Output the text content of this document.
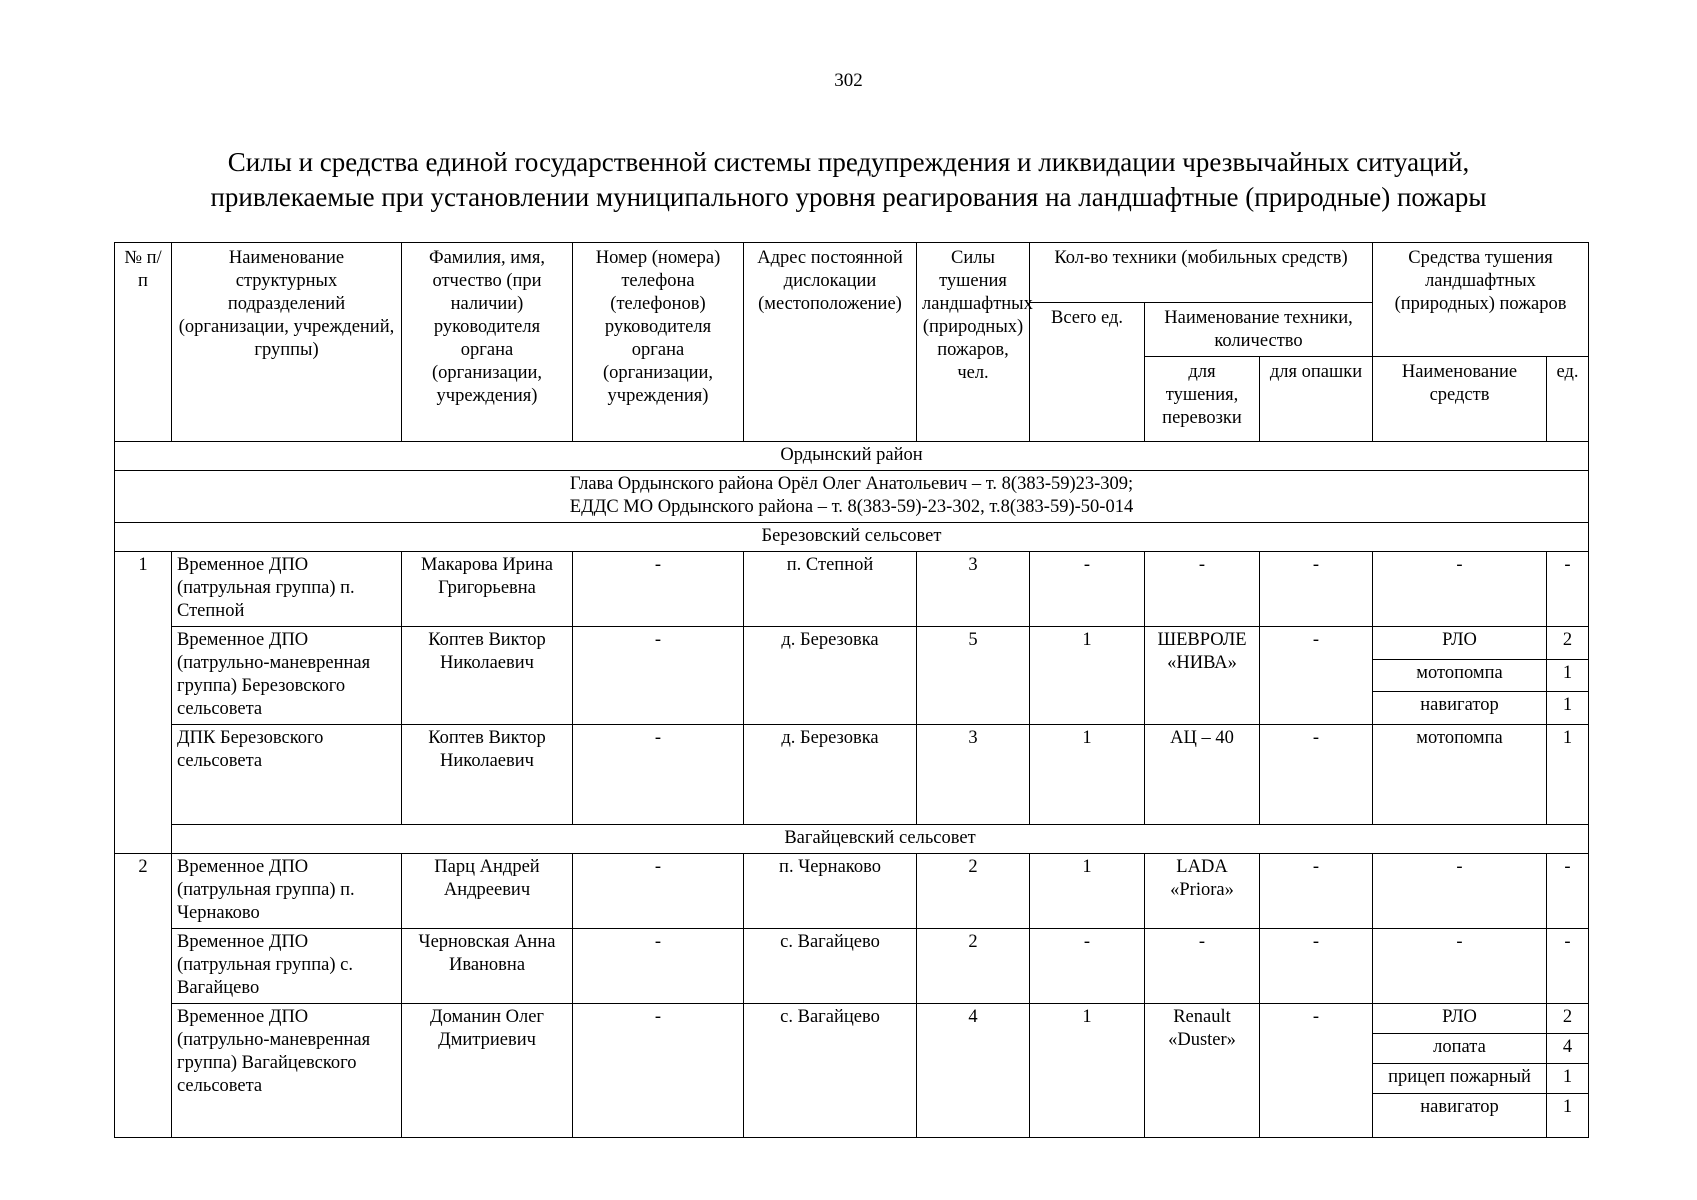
302
Силы и средства единой государственной системы предупреждения и ликвидации чрезвычайных ситуаций,
привлекаемые при установлении муниципального уровня реагирования на ландшафтные (природные) пожары
№ п/п	Наименование структурных подразделений (организации, учреждений, группы)	Фамилия, имя, отчество (при наличии) руководителя органа (организации, учреждения)	Номер (номера) телефона (телефонов) руководителя органа (организации, учреждения)	Адрес постоянной дислокации (местоположение)	Силы тушения ландшафтных (природных) пожаров, чел.	Кол-во техники (мобильных средств)			Средства тушения ландшафтных (природных) пожаров	
						Всего ед.	Наименование техники, количество			
							для тушения, перевозки	для опашки	Наименование средств	ед.
Ордынский район										

Глава Ордынского района Орёл Олег Анатольевич – т. 8(383-59)23-309;
ЕДДС МО Ордынского района – т. 8(383-59)-23-302, т.8(383-59)-50-014										

Березовский сельсовет										
1	Временное ДПО (патрульная группа) п. Степной	Макарова Ирина Григорьевна	-	п. Степной	3	-	-	-	-	-
	Временное ДПО (патрульно-маневренная группа) Березовского сельсовета	Коптев Виктор Николаевич	-	д. Березовка	5	1	ШЕВРОЛЕ «НИВА»	-	РЛО	2
									мотопомпа	1
									навигатор	1
	ДПК Березовского сельсовета	Коптев Виктор Николаевич	-	д. Березовка	3	1	АЦ – 40	-	мотопомпа	1
	Вагайцевский сельсовет									
2	Временное ДПО (патрульная группа) п. Чернаково	Парц Андрей Андреевич	-	п. Чернаково	2	1	LADA «Priora»	-	-	-
	Временное ДПО (патрульная группа) с. Вагайцево	Черновская Анна Ивановна	-	с. Вагайцево	2	-	-	-	-	-
	Временное ДПО (патрульно-маневренная группа) Вагайцевского сельсовета	Доманин Олег Дмитриевич	-	с. Вагайцево	4	1	Renault «Duster»	-	РЛО	2
									лопата	4
									прицеп пожарный	1
									навигатор	1
